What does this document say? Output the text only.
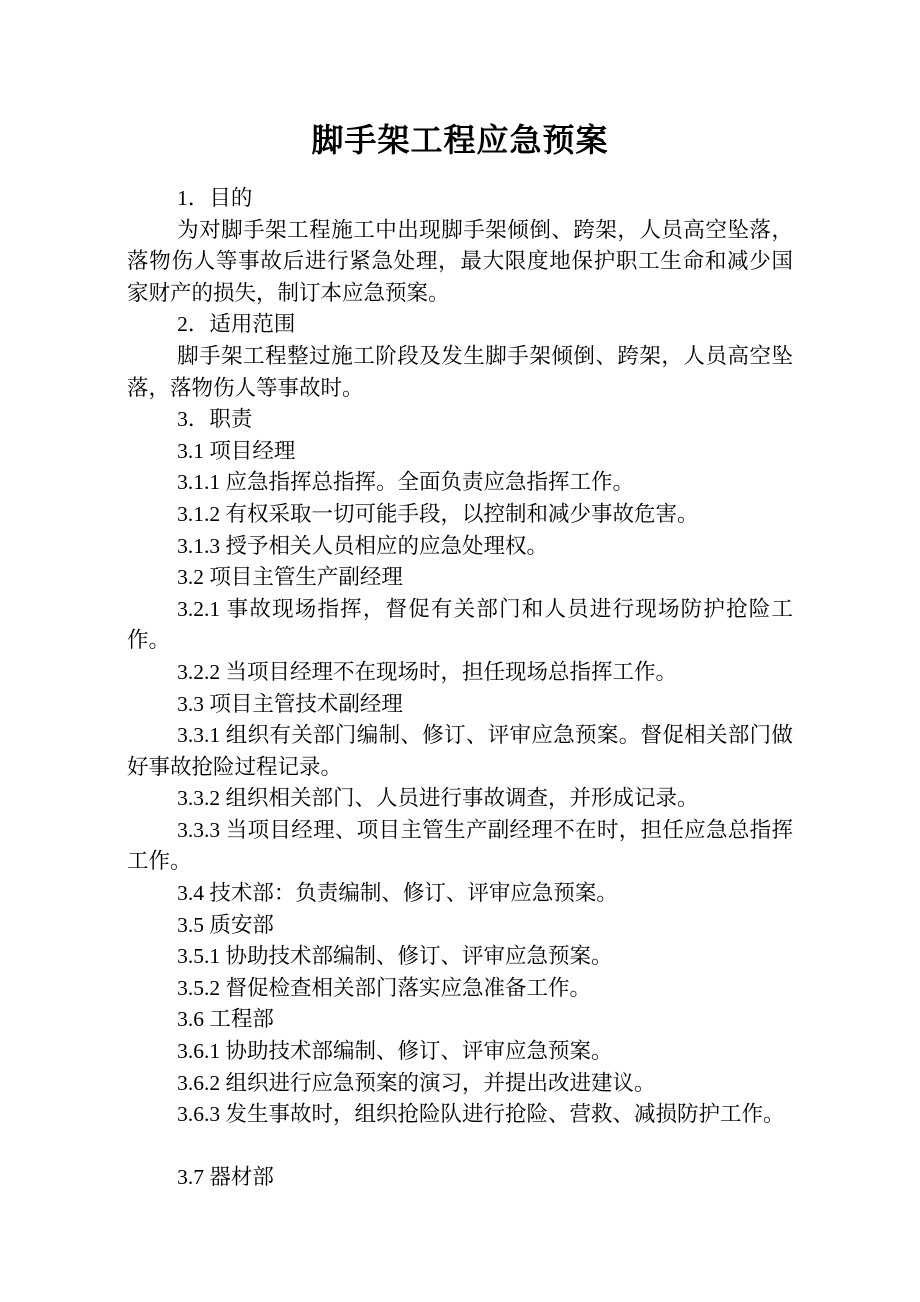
脚手架工程应急预案

1．目的

为对脚手架工程施工中出现脚手架倾倒、跨架，人员高空坠落，落物伤人等事故后进行紧急处理，最大限度地保护职工生命和减少国家财产的损失，制订本应急预案。

2．适用范围

脚手架工程整过施工阶段及发生脚手架倾倒、跨架，人员高空坠落，落物伤人等事故时。

3．职责

3.1 项目经理

3.1.1 应急指挥总指挥。全面负责应急指挥工作。

3.1.2 有权采取一切可能手段，以控制和减少事故危害。

3.1.3 授予相关人员相应的应急处理权。

3.2 项目主管生产副经理

3.2.1 事故现场指挥，督促有关部门和人员进行现场防护抢险工作。

3.2.2 当项目经理不在现场时，担任现场总指挥工作。

3.3 项目主管技术副经理

3.3.1 组织有关部门编制、修订、评审应急预案。督促相关部门做好事故抢险过程记录。

3.3.2 组织相关部门、人员进行事故调查，并形成记录。

3.3.3 当项目经理、项目主管生产副经理不在时，担任应急总指挥工作。

3.4 技术部：负责编制、修订、评审应急预案。

3.5 质安部

3.5.1 协助技术部编制、修订、评审应急预案。

3.5.2 督促检查相关部门落实应急准备工作。

3.6 工程部

3.6.1 协助技术部编制、修订、评审应急预案。

3.6.2 组织进行应急预案的演习，并提出改进建议。

3.6.3 发生事故时，组织抢险队进行抢险、营救、减损防护工作。

3.7 器材部
